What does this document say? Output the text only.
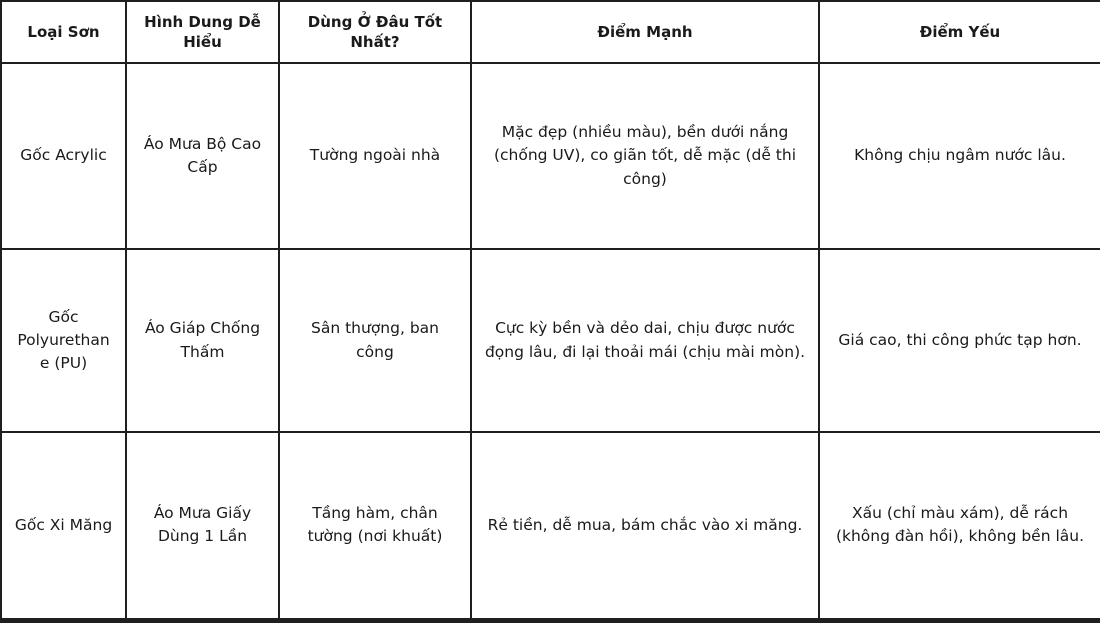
Loại Sơn	Hình Dung Dễ Hiểu	Dùng Ở Đâu Tốt Nhất?	Điểm Mạnh	Điểm Yếu
Gốc Acrylic	Áo Mưa Bộ Cao Cấp	Tường ngoài nhà	Mặc đẹp (nhiều màu), bền dưới nắng (chống UV), co giãn tốt, dễ mặc (dễ thi công)	Không chịu ngâm nước lâu.
Gốc Polyurethane (PU)	Áo Giáp Chống Thấm	Sân thượng, ban công	Cực kỳ bền và dẻo dai, chịu được nước đọng lâu, đi lại thoải mái (chịu mài mòn).	Giá cao, thi công phức tạp hơn.
Gốc Xi Măng	Áo Mưa Giấy Dùng 1 Lần	Tầng hàm, chân tường (nơi khuất)	Rẻ tiền, dễ mua, bám chắc vào xi măng.	Xấu (chỉ màu xám), dễ rách (không đàn hồi), không bền lâu.
